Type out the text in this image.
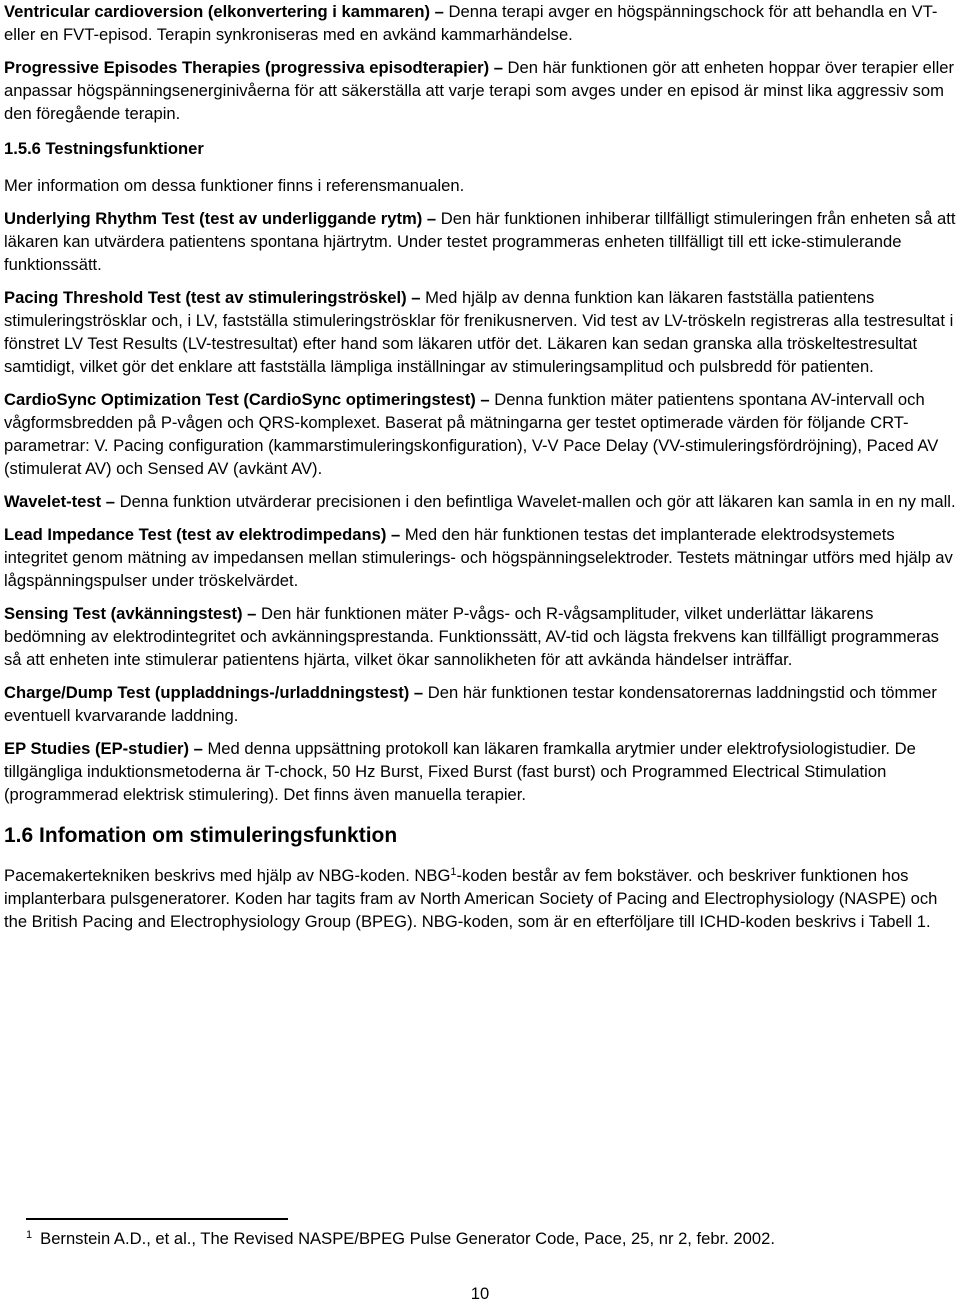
Ventricular cardioversion (elkonvertering i kammaren) – Denna terapi avger en högspänningschock för att behandla en VT- eller en FVT-episod. Terapin synkroniseras med en avkänd kammarhändelse.

Progressive Episodes Therapies (progressiva episodterapier) – Den här funktionen gör att enheten hoppar över terapier eller anpassar högspänningsenerginivåerna för att säkerställa att varje terapi som avges under en episod är minst lika aggressiv som den föregående terapin.

1.5.6 Testningsfunktioner

Mer information om dessa funktioner finns i referensmanualen.

Underlying Rhythm Test (test av underliggande rytm) – Den här funktionen inhiberar tillfälligt stimuleringen från enheten så att läkaren kan utvärdera patientens spontana hjärtrytm. Under testet programmeras enheten tillfälligt till ett icke-stimulerande funktionssätt.

Pacing Threshold Test (test av stimuleringströskel) – Med hjälp av denna funktion kan läkaren fastställa patientens stimuleringströsklar och, i LV, fastställa stimuleringströsklar för frenikusnerven. Vid test av LV-tröskeln registreras alla testresultat i fönstret LV Test Results (LV-testresultat) efter hand som läkaren utför det. Läkaren kan sedan granska alla tröskeltestresultat samtidigt, vilket gör det enklare att fastställa lämpliga inställningar av stimuleringsamplitud och pulsbredd för patienten.

CardioSync Optimization Test (CardioSync optimeringstest) – Denna funktion mäter patientens spontana AV-intervall och vågformsbredden på P-vågen och QRS-komplexet. Baserat på mätningarna ger testet optimerade värden för följande CRT-parametrar: V. Pacing configuration (kammarstimuleringskonfiguration), V-V Pace Delay (VV-stimuleringsfördröjning), Paced AV (stimulerat AV) och Sensed AV (avkänt AV).

Wavelet-test – Denna funktion utvärderar precisionen i den befintliga Wavelet-mallen och gör att läkaren kan samla in en ny mall.

Lead Impedance Test (test av elektrodimpedans) – Med den här funktionen testas det implanterade elektrodsystemets integritet genom mätning av impedansen mellan stimulerings- och högspänningselektroder. Testets mätningar utförs med hjälp av lågspänningspulser under tröskelvärdet.

Sensing Test (avkänningstest) – Den här funktionen mäter P-vågs- och R-vågsamplituder, vilket underlättar läkarens bedömning av elektrodintegritet och avkänningsprestanda. Funktionssätt, AV-tid och lägsta frekvens kan tillfälligt programmeras så att enheten inte stimulerar patientens hjärta, vilket ökar sannolikheten för att avkända händelser inträffar.

Charge/Dump Test (uppladdnings-/urladdningstest) – Den här funktionen testar kondensatorernas laddningstid och tömmer eventuell kvarvarande laddning.

EP Studies (EP-studier) – Med denna uppsättning protokoll kan läkaren framkalla arytmier under elektrofysiologistudier. De tillgängliga induktionsmetoderna är T-chock, 50 Hz Burst, Fixed Burst (fast burst) och Programmed Electrical Stimulation (programmerad elektrisk stimulering). Det finns även manuella terapier.

1.6 Infomation om stimuleringsfunktion

Pacemakertekniken beskrivs med hjälp av NBG-koden. NBG$^1$-koden består av fem bokstäver. och beskriver funktionen hos implanterbara pulsgeneratorer. Koden har tagits fram av North American Society of Pacing and Electrophysiology (NASPE) och the British Pacing and Electrophysiology Group (BPEG). NBG-koden, som är en efterföljare till ICHD-koden beskrivs i Tabell 1.

$^1$ Bernstein A.D., et al., The Revised NASPE/BPEG Pulse Generator Code, Pace, 25, nr 2, febr. 2002.
10
